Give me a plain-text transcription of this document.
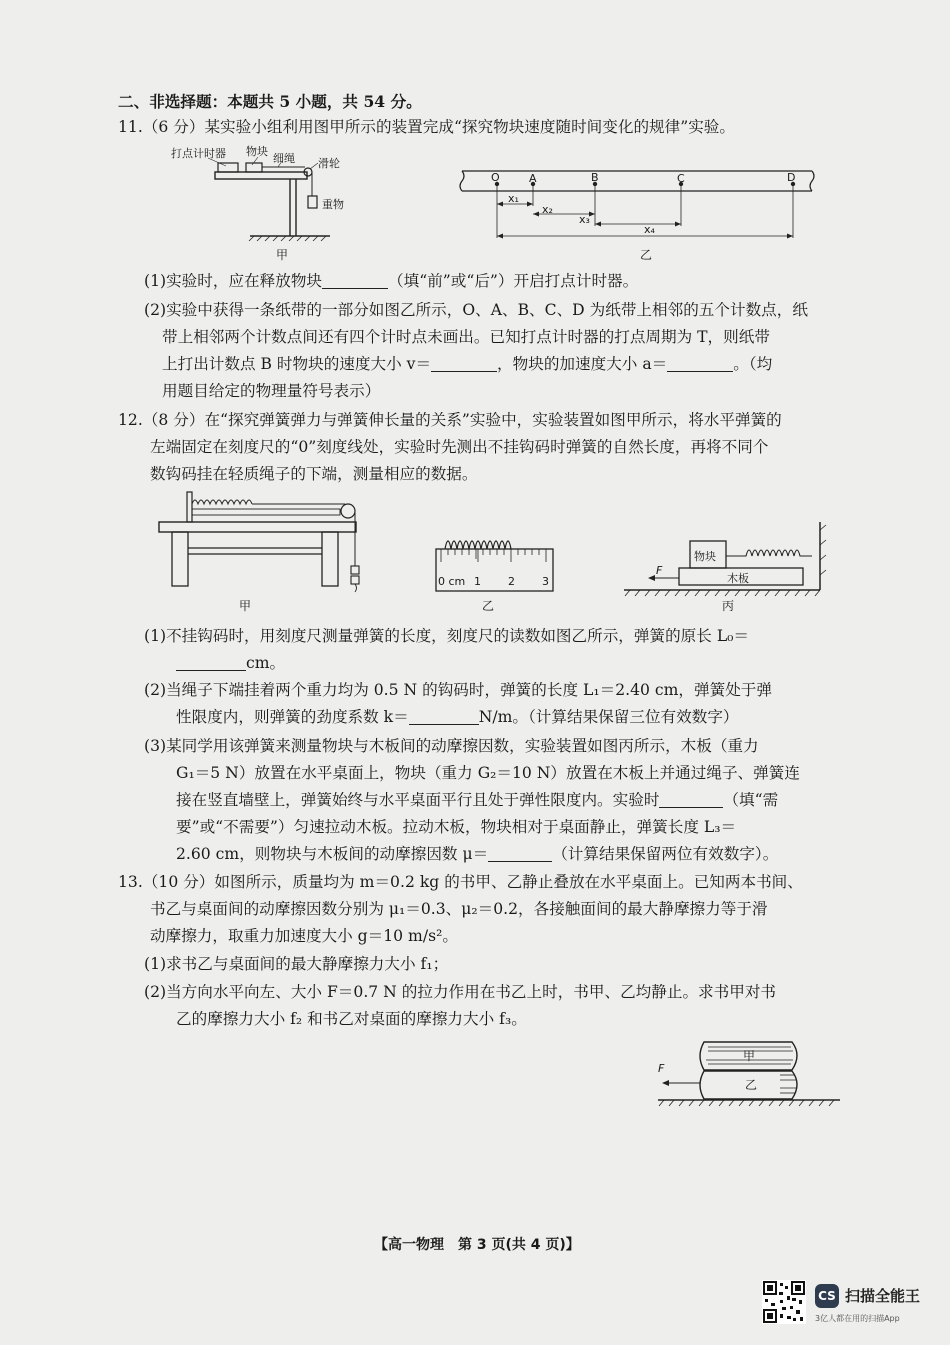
二、非选择题：本题共 5 小题，共 54 分。
11.（6 分）某实验小组利用图甲所示的装置完成“探究物块速度随时间变化的规律”实验。
打点计时器 物块
细绳 滑轮
重物
甲
O	A	B	C	D
x₁
x₂
x₃
x₄
乙
(1)实验时，应在释放物块	（填“前”或“后”）开启打点计时器。
(2)实验中获得一条纸带的一部分如图乙所示，O、A、B、C、D 为纸带上相邻的五个计数点，纸
带上相邻两个计数点间还有四个计时点未画出。已知打点计时器的打点周期为 T，则纸带
上打出计数点 B 时物块的速度大小 v＝	，物块的加速度大小 a＝	。（均
用题目给定的物理量符号表示）
12.（8 分）在“探究弹簧弹力与弹簧伸长量的关系”实验中，实验装置如图甲所示，将水平弹簧的
左端固定在刻度尺的“0”刻度线处，实验时先测出不挂钩码时弹簧的自然长度，再将不同个
数钩码挂在轻质绳子的下端，测量相应的数据。
甲
0 cm 1 2 3
乙
物块
木板
F
丙
(1)不挂钩码时，用刻度尺测量弹簧的长度，刻度尺的读数如图乙所示，弹簧的原长 L₀＝
cm。
(2)当绳子下端挂着两个重力均为 0.5 N 的钩码时，弹簧的长度 L₁＝2.40 cm，弹簧处于弹
性限度内，则弹簧的劲度系数 k＝	N/m。（计算结果保留三位有效数字）
(3)某同学用该弹簧来测量物块与木板间的动摩擦因数，实验装置如图丙所示，木板（重力
G₁＝5 N）放置在水平桌面上，物块（重力 G₂＝10 N）放置在木板上并通过绳子、弹簧连
接在竖直墙壁上，弹簧始终与水平桌面平行且处于弹性限度内。实验时	（填“需
要”或“不需要”）匀速拉动木板。拉动木板，物块相对于桌面静止，弹簧长度 L₃＝
2.60 cm，则物块与木板间的动摩擦因数 μ＝	（计算结果保留两位有效数字）。
13.（10 分）如图所示，质量均为 m＝0.2 kg 的书甲、乙静止叠放在水平桌面上。已知两本书间、
书乙与桌面间的动摩擦因数分别为 μ₁＝0.3、μ₂＝0.2，各接触面间的最大静摩擦力等于滑
动摩擦力，取重力加速度大小 g＝10 m/s²。
(1)求书乙与桌面间的最大静摩擦力大小 f₁；
(2)当方向水平向左、大小 F＝0.7 N 的拉力作用在书乙上时，书甲、乙均静止。求书甲对书
乙的摩擦力大小 f₂ 和书乙对桌面的摩擦力大小 f₃。
甲
乙
F
【高一物理　第 3 页(共 4 页)】
CS 扫描全能王
3亿人都在用的扫描App
